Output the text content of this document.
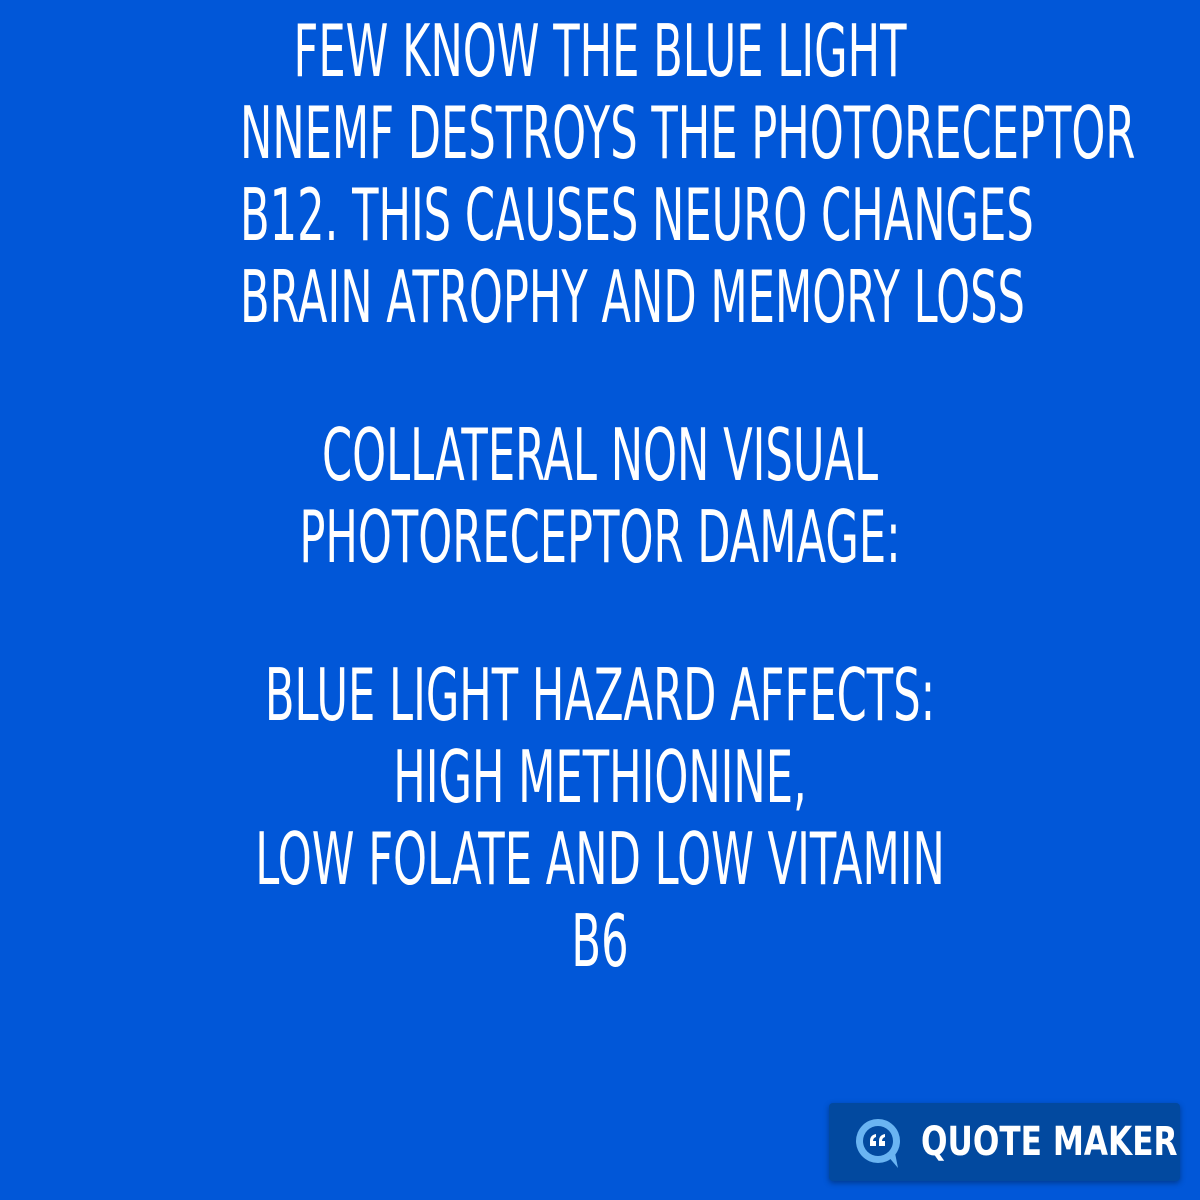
FEW KNOW THE BLUE LIGHT
NNEMF DESTROYS THE PHOTORECEPTOR
B12. THIS CAUSES NEURO CHANGES
BRAIN ATROPHY AND MEMORY LOSS
COLLATERAL NON VISUAL
PHOTORECEPTOR DAMAGE:
BLUE LIGHT HAZARD AFFECTS:
HIGH METHIONINE,
LOW FOLATE AND LOW VITAMIN
B6
QUOTE MAKER
